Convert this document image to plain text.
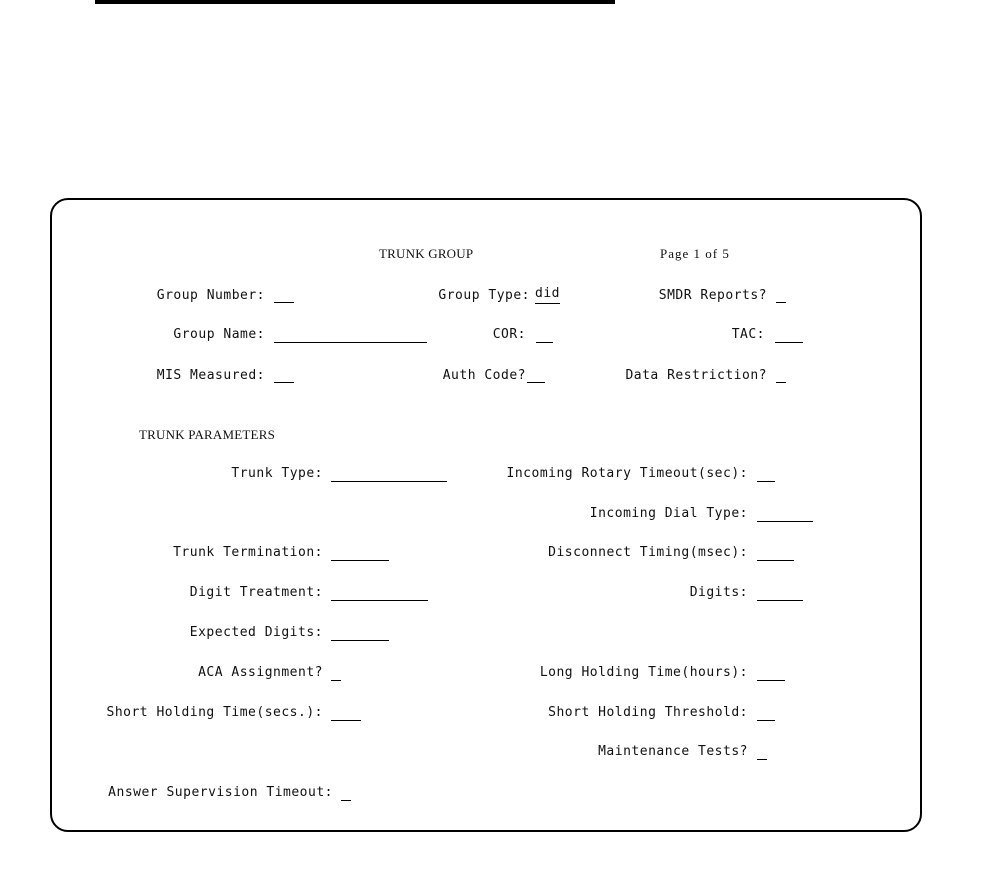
TRUNK GROUP	Page 1 of 5
Group Number:	Group Type: did	SMDR Reports?
Group Name:	COR:	TAC:
MIS Measured:	Auth Code?	Data Restriction?
TRUNK PARAMETERS
Trunk Type:	Incoming Rotary Timeout(sec):
Incoming Dial Type:
Trunk Termination:	Disconnect Timing(msec):
Digit Treatment:	Digits:
Expected Digits:
ACA Assignment?	Long Holding Time(hours):
Short Holding Time(secs.):	Short Holding Threshold:
Maintenance Tests?
Answer Supervision Timeout:
